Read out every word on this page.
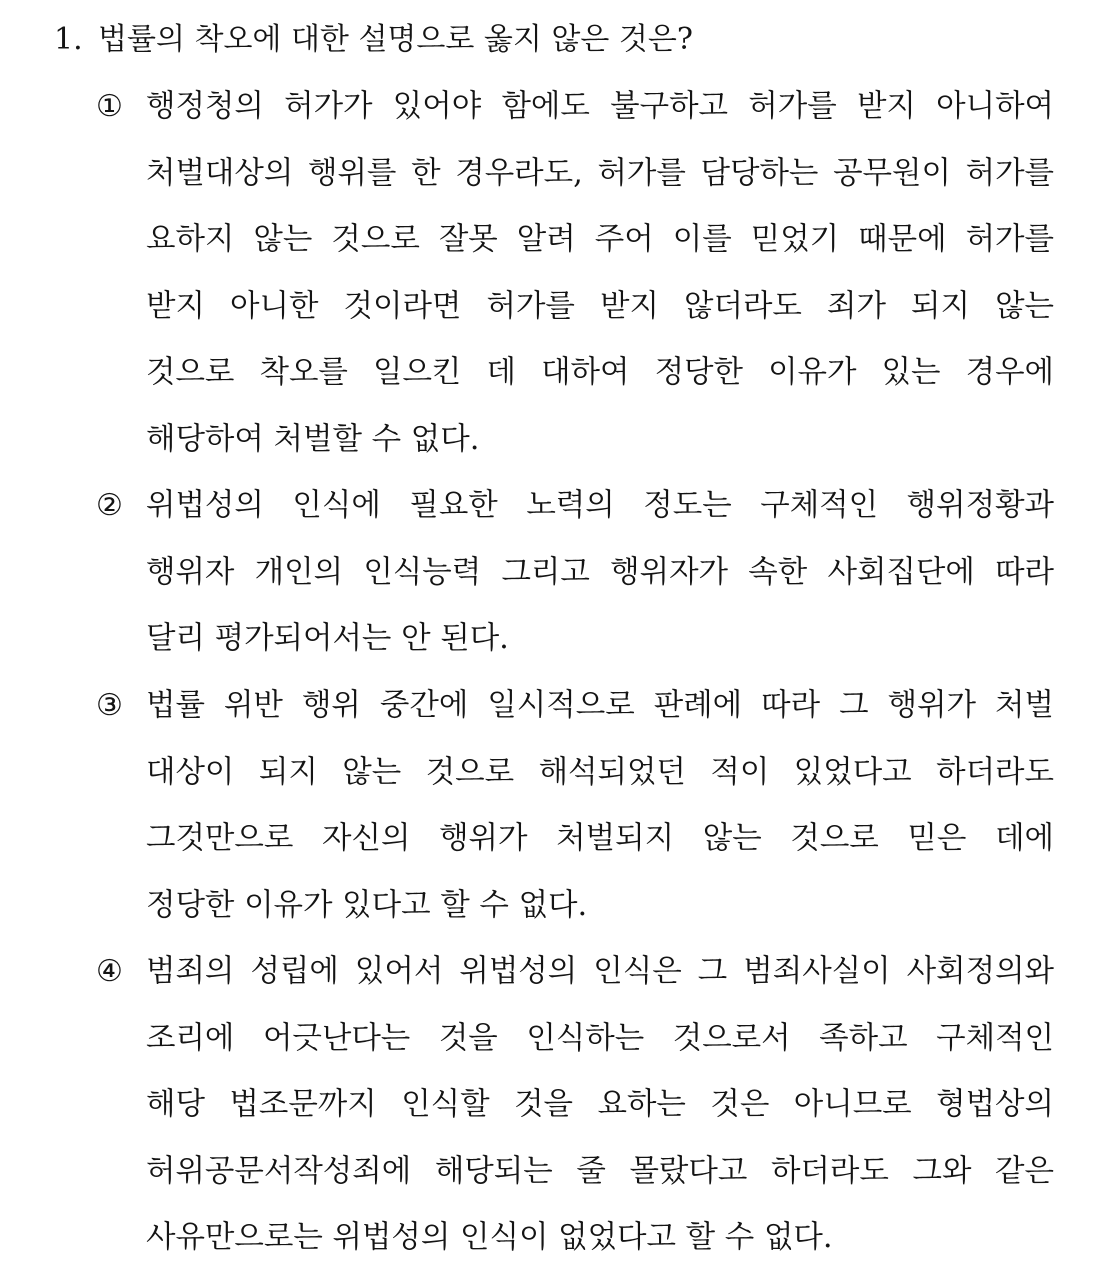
1. 법률의 착오에 대한 설명으로 옳지 않은 것은?
① 행정청의 허가가 있어야 함에도 불구하고 허가를 받지 아니하여
처벌대상의 행위를 한 경우라도, 허가를 담당하는 공무원이 허가를
요하지 않는 것으로 잘못 알려 주어 이를 믿었기 때문에 허가를
받지 아니한 것이라면 허가를 받지 않더라도 죄가 되지 않는
것으로 착오를 일으킨 데 대하여 정당한 이유가 있는 경우에
해당하여 처벌할 수 없다.
② 위법성의 인식에 필요한 노력의 정도는 구체적인 행위정황과
행위자 개인의 인식능력 그리고 행위자가 속한 사회집단에 따라
달리 평가되어서는 안 된다.
③ 법률 위반 행위 중간에 일시적으로 판례에 따라 그 행위가 처벌
대상이 되지 않는 것으로 해석되었던 적이 있었다고 하더라도
그것만으로 자신의 행위가 처벌되지 않는 것으로 믿은 데에
정당한 이유가 있다고 할 수 없다.
④ 범죄의 성립에 있어서 위법성의 인식은 그 범죄사실이 사회정의와
조리에 어긋난다는 것을 인식하는 것으로서 족하고 구체적인
해당 법조문까지 인식할 것을 요하는 것은 아니므로 형법상의
허위공문서작성죄에 해당되는 줄 몰랐다고 하더라도 그와 같은
사유만으로는 위법성의 인식이 없었다고 할 수 없다.
